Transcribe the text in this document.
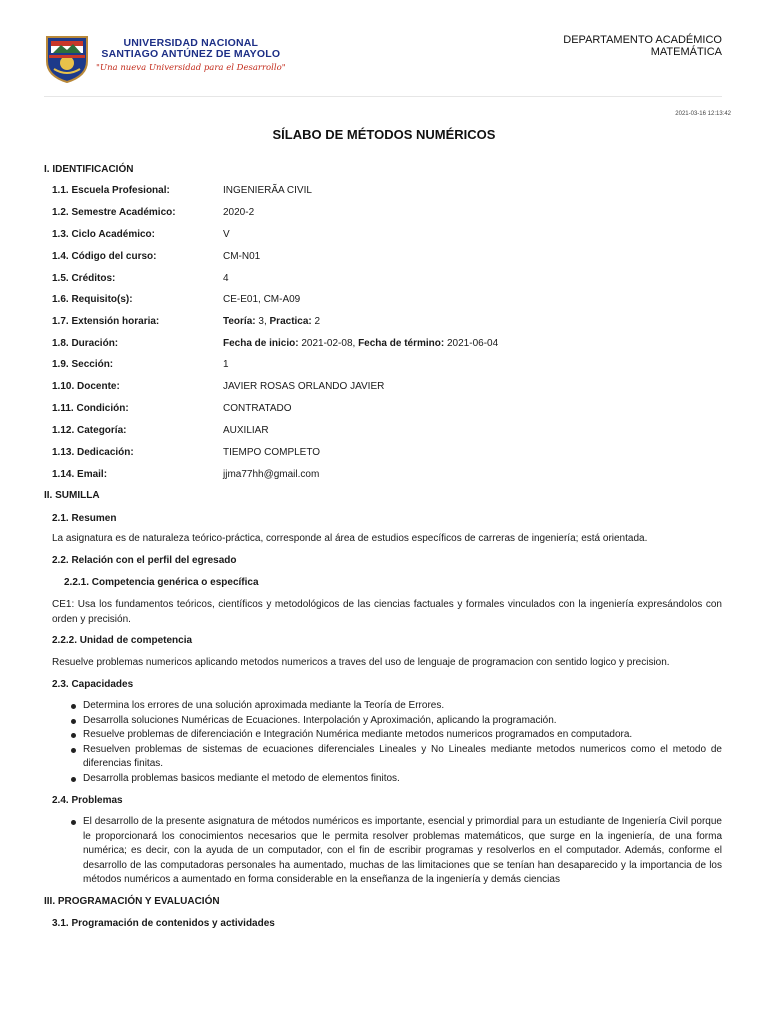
UNIVERSIDAD NACIONAL
SANTIAGO ANTÚNEZ DE MAYOLO
"Una nueva Universidad para el Desarrollo"
DEPARTAMENTO ACADÉMICO
MATEMÁTICA
2021-03-16 12:13:42
SÍLABO DE MÉTODOS NUMÉRICOS
I. IDENTIFICACIÓN
1.1. Escuela Profesional:	INGENIERÃA CIVIL
1.2. Semestre Académico:	2020-2
1.3. Ciclo Académico:	V
1.4. Código del curso:	CM-N01
1.5. Créditos:	4
1.6. Requisito(s):	CE-E01, CM-A09
1.7. Extensión horaria:	Teoría: 3, Practica: 2
1.8. Duración:	Fecha de inicio: 2021-02-08, Fecha de término: 2021-06-04
1.9. Sección:	1
1.10. Docente:	JAVIER ROSAS ORLANDO JAVIER
1.11. Condición:	CONTRATADO
1.12. Categoría:	AUXILIAR
1.13. Dedicación:	TIEMPO COMPLETO
1.14. Email:	jjma77hh@gmail.com
II. SUMILLA
2.1. Resumen
La asignatura es de naturaleza teórico-práctica, corresponde al área de estudios específicos de carreras de ingeniería; está orientada.
2.2. Relación con el perfil del egresado
2.2.1. Competencia genérica o específica
CE1: Usa los fundamentos teóricos, científicos y metodológicos de las ciencias factuales y formales vinculados con la ingeniería expresándolos con orden y precisión.
2.2.2. Unidad de competencia
Resuelve problemas numericos aplicando metodos numericos a traves del uso de lenguaje de programacion con sentido logico y precision.
2.3. Capacidades
Determina los errores de una solución aproximada mediante la Teoría de Errores.
Desarrolla soluciones Numéricas de Ecuaciones. Interpolación y Aproximación, aplicando la programación.
Resuelve problemas de diferenciación e Integración Numérica mediante metodos numericos programados en computadora.
Resuelven problemas de sistemas de ecuaciones diferenciales Lineales y No Lineales mediante metodos numericos como el metodo de diferencias finitas.
Desarrolla problemas basicos mediante el metodo de elementos finitos.
2.4. Problemas
El desarrollo de la presente asignatura de métodos numéricos es importante, esencial y primordial para un estudiante de Ingeniería Civil porque le proporcionará los conocimientos necesarios que le permita resolver problemas matemáticos, que surge en la ingeniería, de una forma numérica; es decir, con la ayuda de un computador, con el fin de escribir programas y resolverlos en el computador. Además, conforme el desarrollo de las computadoras personales ha aumentado, muchas de las limitaciones que se tenían han desaparecido y la importancia de los métodos numéricos a aumentado en forma considerable en la enseñanza de la ingeniería y demás ciencias
III. PROGRAMACIÓN Y EVALUACIÓN
3.1. Programación de contenidos y actividades
